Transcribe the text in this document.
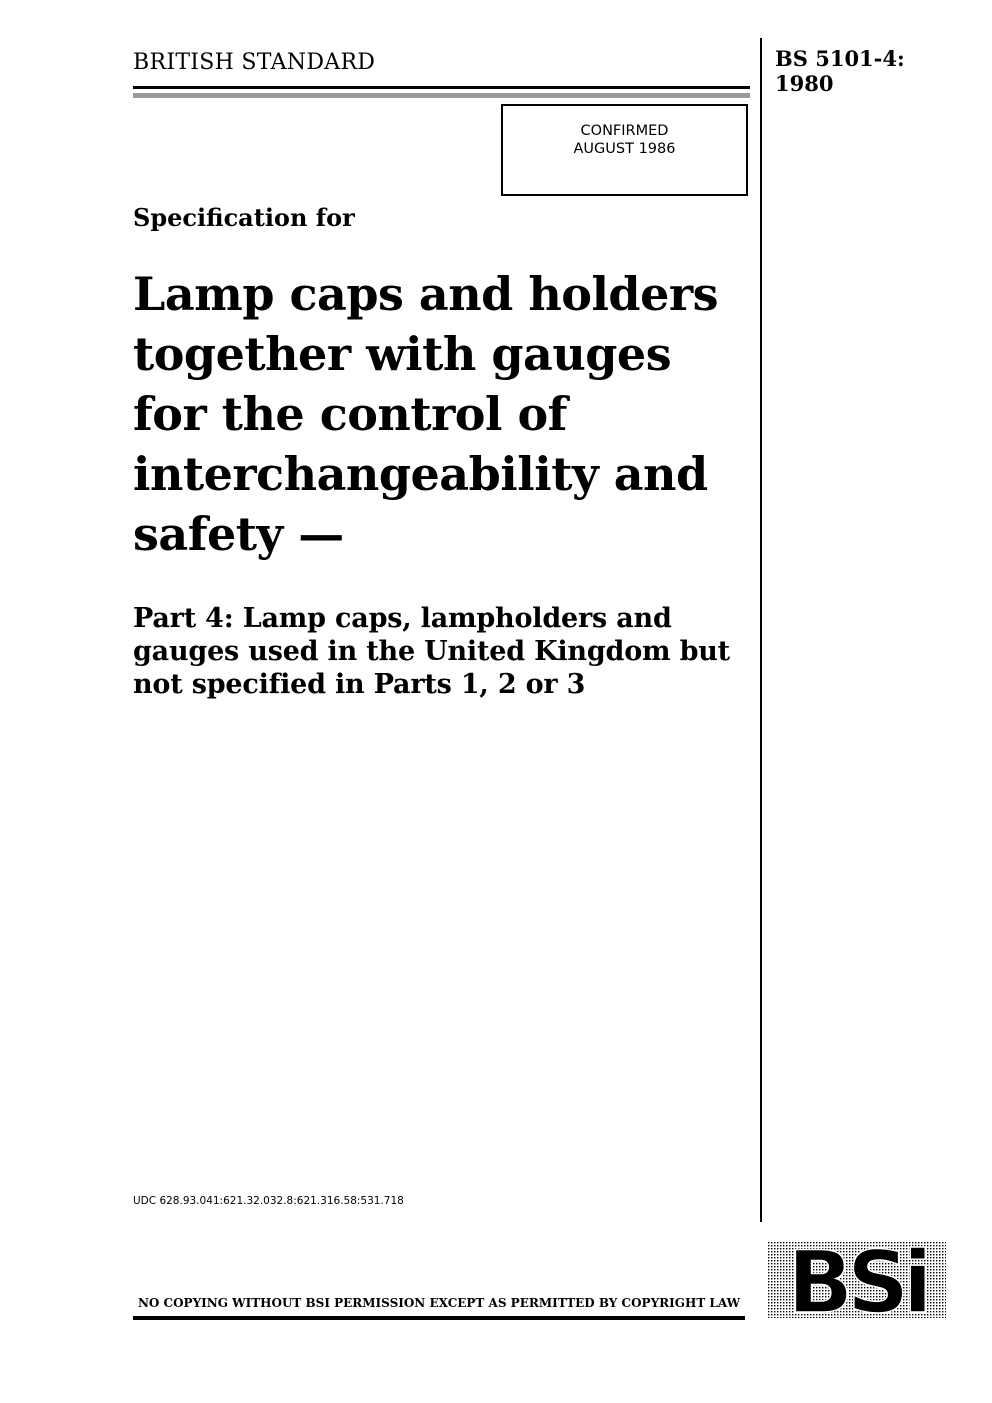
BRITISH STANDARD	BS 5101-4:
1980
CONFIRMED
AUGUST 1986
Specification for
Lamp caps and holders
together with gauges
for the control of
interchangeability and
safety —
Part 4: Lamp caps, lampholders and
gauges used in the United Kingdom but
not specified in Parts 1, 2 or 3
UDC 628.93.041:621.32.032.8:621.316.58:531.718
NO COPYING WITHOUT BSI PERMISSION EXCEPT AS PERMITTED BY COPYRIGHT LAW BSi
